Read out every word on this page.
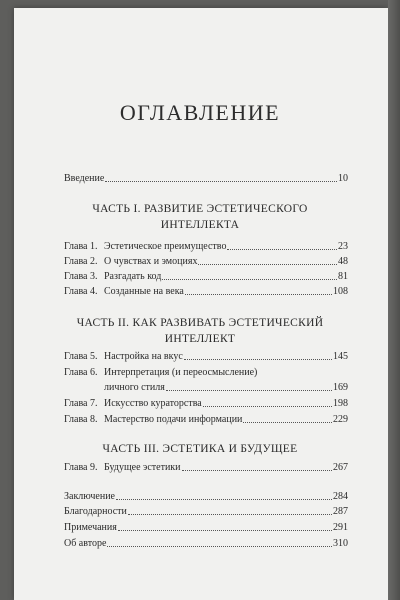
ОГЛАВЛЕНИЕ
Введение	10
ЧАСТЬ I. РАЗВИТИЕ ЭСТЕТИЧЕСКОГО
ИНТЕЛЛЕКТА
Глава 1. Эстетическое преимущество	23
Глава 2. О чувствах и эмоциях	48
Глава 3. Разгадать код	81
Глава 4. Созданные на века	108
ЧАСТЬ II. КАК РАЗВИВАТЬ ЭСТЕТИЧЕСКИЙ
ИНТЕЛЛЕКТ
Глава 5. Настройка на вкус	145
Глава 6. Интерпретация (и переосмысление)
личного стиля	169
Глава 7. Искусство кураторства	198
Глава 8. Мастерство подачи информации	229
ЧАСТЬ III. ЭСТЕТИКА И БУДУЩЕЕ
Глава 9. Будущее эстетики	267
Заключение	284
Благодарности	287
Примечания	291
Об авторе	310
